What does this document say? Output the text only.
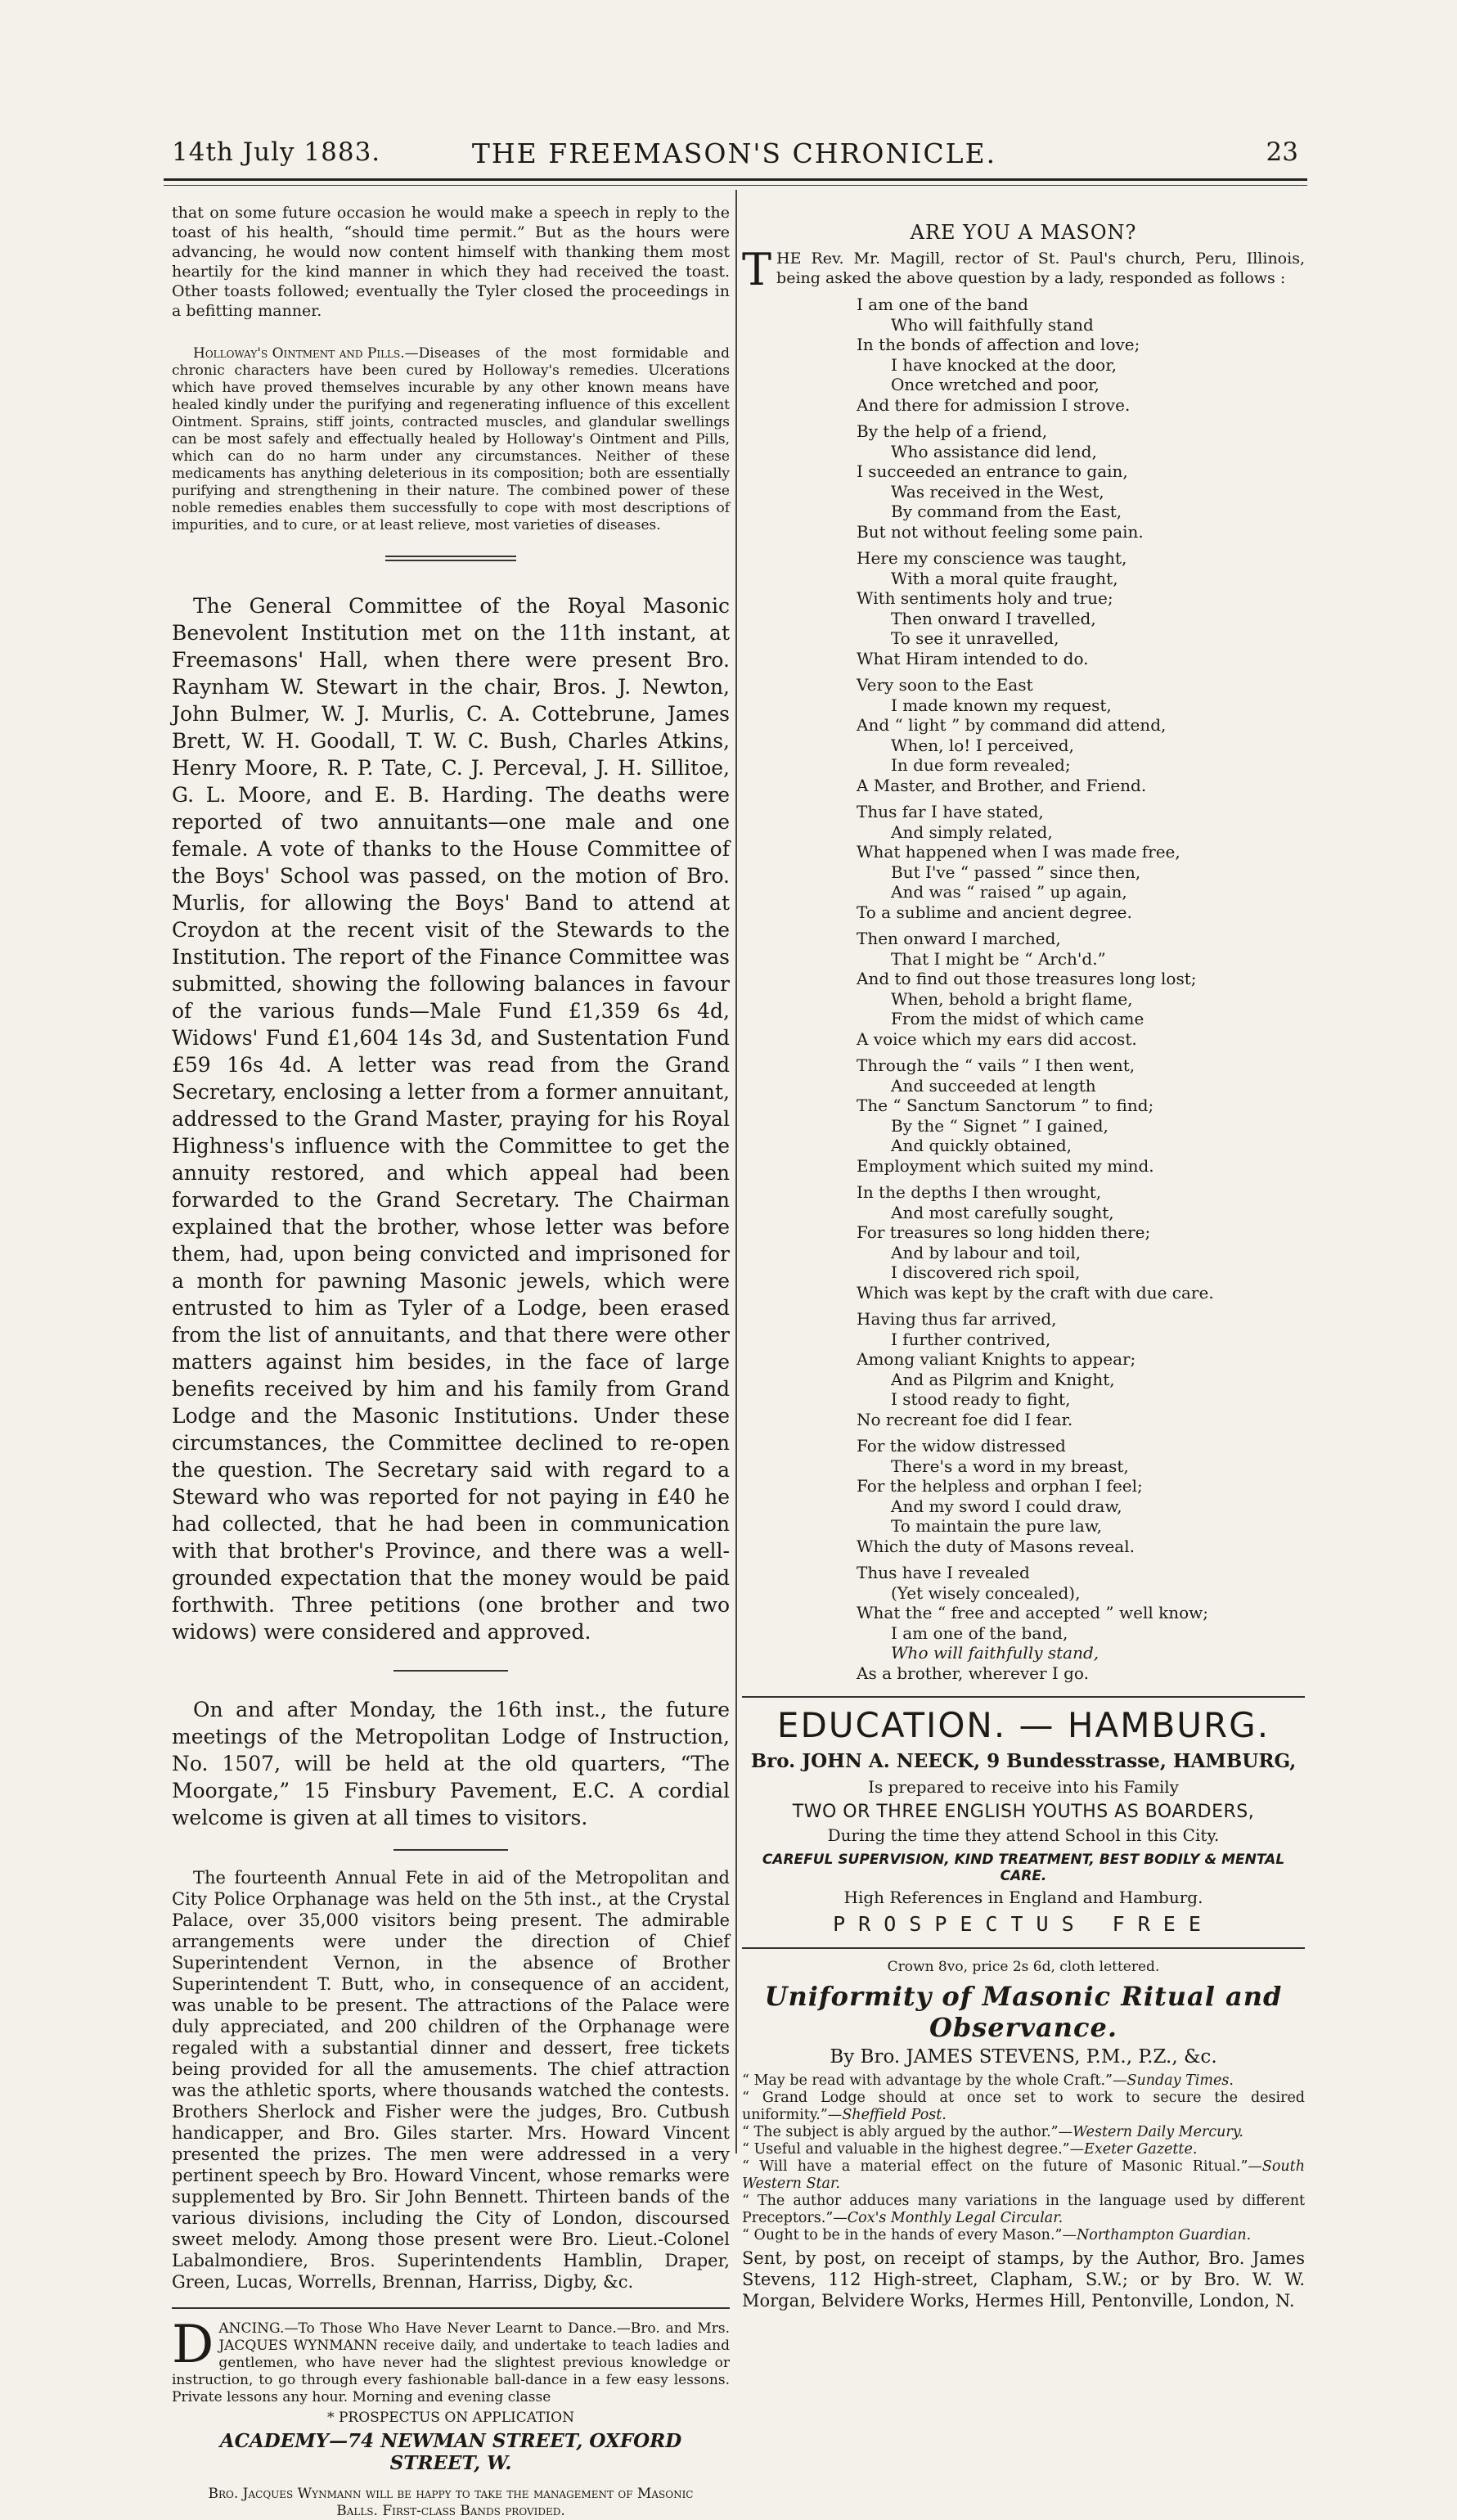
14th July 1883.	THE FREEMASON'S CHRONICLE.	23

that on some future occasion he would make a speech in reply to the toast of his health, “should time permit.” But as the hours were advancing, he would now content himself with thanking them most heartily for the kind manner in which they had received the toast. Other toasts followed; eventually the Tyler closed the proceedings in a befitting manner.

Holloway's Ointment and Pills.—Diseases of the most formidable and chronic characters have been cured by Holloway's remedies. Ulcerations which have proved themselves incurable by any other known means have healed kindly under the purifying and regenerating influence of this excellent Ointment. Sprains, stiff joints, contracted muscles, and glandular swellings can be most safely and effectually healed by Holloway's Ointment and Pills, which can do no harm under any circumstances. Neither of these medicaments has anything deleterious in its composition; both are essentially purifying and strengthening in their nature. The combined power of these noble remedies enables them successfully to cope with most descriptions of impurities, and to cure, or at least relieve, most varieties of diseases.

The General Committee of the Royal Masonic Benevolent Institution met on the 11th instant, at Freemasons' Hall, when there were present Bro. Raynham W. Stewart in the chair, Bros. J. Newton, John Bulmer, W. J. Murlis, C. A. Cottebrune, James Brett, W. H. Goodall, T. W. C. Bush, Charles Atkins, Henry Moore, R. P. Tate, C. J. Perceval, J. H. Sillitoe, G. L. Moore, and E. B. Harding. The deaths were reported of two annuitants—one male and one female. A vote of thanks to the House Committee of the Boys' School was passed, on the motion of Bro. Murlis, for allowing the Boys' Band to attend at Croydon at the recent visit of the Stewards to the Institution. The report of the Finance Committee was submitted, showing the following balances in favour of the various funds—Male Fund £1,359 6s 4d, Widows' Fund £1,604 14s 3d, and Sustentation Fund £59 16s 4d. A letter was read from the Grand Secretary, enclosing a letter from a former annuitant, addressed to the Grand Master, praying for his Royal Highness's influence with the Committee to get the annuity restored, and which appeal had been forwarded to the Grand Secretary. The Chairman explained that the brother, whose letter was before them, had, upon being convicted and imprisoned for a month for pawning Masonic jewels, which were entrusted to him as Tyler of a Lodge, been erased from the list of annuitants, and that there were other matters against him besides, in the face of large benefits received by him and his family from Grand Lodge and the Masonic Institutions. Under these circumstances, the Committee declined to re-open the question. The Secretary said with regard to a Steward who was reported for not paying in £40 he had collected, that he had been in communication with that brother's Province, and there was a well-grounded expectation that the money would be paid forthwith. Three petitions (one brother and two widows) were considered and approved.

On and after Monday, the 16th inst., the future meetings of the Metropolitan Lodge of Instruction, No. 1507, will be held at the old quarters, “The Moorgate,” 15 Finsbury Pavement, E.C. A cordial welcome is given at all times to visitors.

The fourteenth Annual Fete in aid of the Metropolitan and City Police Orphanage was held on the 5th inst., at the Crystal Palace, over 35,000 visitors being present. The admirable arrangements were under the direction of Chief Superintendent Vernon, in the absence of Brother Superintendent T. Butt, who, in consequence of an accident, was unable to be present. The attractions of the Palace were duly appreciated, and 200 children of the Orphanage were regaled with a substantial dinner and dessert, free tickets being provided for all the amusements. The chief attraction was the athletic sports, where thousands watched the contests. Brothers Sherlock and Fisher were the judges, Bro. Cutbush handicapper, and Bro. Giles starter. Mrs. Howard Vincent presented the prizes. The men were addressed in a very pertinent speech by Bro. Howard Vincent, whose remarks were supplemented by Bro. Sir John Bennett. Thirteen bands of the various divisions, including the City of London, discoursed sweet melody. Among those present were Bro. Lieut.-Colonel Labalmondiere, Bros. Superintendents Hamblin, Draper, Green, Lucas, Worrells, Brennan, Harriss, Digby, &c.

DANCING.—To Those Who Have Never Learnt to Dance.—Bro. and Mrs. JACQUES WYNMANN receive daily, and undertake to teach ladies and gentlemen, who have never had the slightest previous knowledge or instruction, to go through every fashionable ball-dance in a few easy lessons. Private lessons any hour. Morning and evening classe

* PROSPECTUS ON APPLICATION
ACADEMY—74 NEWMAN STREET, OXFORD STREET, W.
Bro. Jacques Wynmann will be happy to take the management of Masonic Balls. First-class Bands provided.
ARE YOU A MASON?

THE Rev. Mr. Magill, rector of St. Paul's church, Peru, Illinois, being asked the above question by a lady, responded as follows :

I am one of the band
Who will faithfully stand
In the bonds of affection and love;
I have knocked at the door,
Once wretched and poor,
And there for admission I strove.
By the help of a friend,
Who assistance did lend,
I succeeded an entrance to gain,
Was received in the West,
By command from the East,
But not without feeling some pain.
Here my conscience was taught,
With a moral quite fraught,
With sentiments holy and true;
Then onward I travelled,
To see it unravelled,
What Hiram intended to do.
Very soon to the East
I made known my request,
And “ light ” by command did attend,
When, lo! I perceived,
In due form revealed;
A Master, and Brother, and Friend.
Thus far I have stated,
And simply related,
What happened when I was made free,
But I've “ passed ” since then,
And was “ raised ” up again,
To a sublime and ancient degree.
Then onward I marched,
That I might be “ Arch'd.”
And to find out those treasures long lost;
When, behold a bright flame,
From the midst of which came
A voice which my ears did accost.
Through the “ vails ” I then went,
And succeeded at length
The “ Sanctum Sanctorum ” to find;
By the “ Signet ” I gained,
And quickly obtained,
Employment which suited my mind.
In the depths I then wrought,
And most carefully sought,
For treasures so long hidden there;
And by labour and toil,
I discovered rich spoil,
Which was kept by the craft with due care.
Having thus far arrived,
I further contrived,
Among valiant Knights to appear;
And as Pilgrim and Knight,
I stood ready to fight,
No recreant foe did I fear.
For the widow distressed
There's a word in my breast,
For the helpless and orphan I feel;
And my sword I could draw,
To maintain the pure law,
Which the duty of Masons reveal.
Thus have I revealed
(Yet wisely concealed),
What the “ free and accepted ” well know;
I am one of the band,
Who will faithfully stand,
As a brother, wherever I go.
EDUCATION. — HAMBURG.
Bro. JOHN A. NEECK, 9 Bundesstrasse, HAMBURG,
Is prepared to receive into his Family
TWO OR THREE ENGLISH YOUTHS AS BOARDERS,
During the time they attend School in this City.
CAREFUL SUPERVISION, KIND TREATMENT, BEST BODILY & MENTAL CARE.
High References in England and Hamburg.
PROSPECTUS FREE
Crown 8vo, price 2s 6d, cloth lettered.
Uniformity of Masonic Ritual and Observance.
By Bro. JAMES STEVENS, P.M., P.Z., &c.

“ May be read with advantage by the whole Craft.”—Sunday Times.

“ Grand Lodge should at once set to work to secure the desired uniformity.”—Sheffield Post.

“ The subject is ably argued by the author.”—Western Daily Mercury.

“ Useful and valuable in the highest degree.”—Exeter Gazette.

“ Will have a material effect on the future of Masonic Ritual.”—South Western Star.

“ The author adduces many variations in the language used by different Preceptors.”—Cox's Monthly Legal Circular.

“ Ought to be in the hands of every Mason.”—Northampton Guardian.

Sent, by post, on receipt of stamps, by the Author, Bro. James Stevens, 112 High-street, Clapham, S.W.; or by Bro. W. W. Morgan, Belvidere Works, Hermes Hill, Pentonville, London, N.
